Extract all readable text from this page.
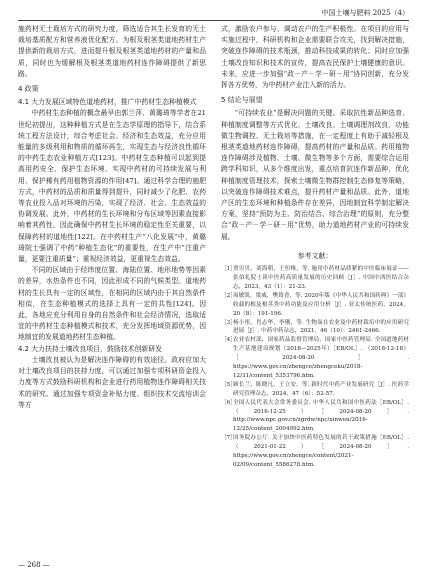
中国土壤与肥料 2025（4）

施药材无土栽培方式的研究力度，筛选适合其生长发育的无土栽培基质配方和营养液优化配方。为根及根茎类道地药材生产提供新的栽培方式，进而提升根及根茎类道地药材的产量和品质，同时也为缓解根及根茎类道地药材连作障碍提供了新思路。

4 政策
4.1 大力发展区域特色道地药材，推广中药材生态种植模式

中药材生态种植的概念最早由郭兰萍、黄璐琦等学者在21世纪初提出，这种种植方式是在生态学原理的指导下，结合系统工程方法设计，综合考虑社会、经济和生态效益，充分应用能量的多级利用和物质的循环再生，实现生态与经济良性循环的中药生态农业种植方式[123]。中药材生态种植可以起到提高用药安全、保护生态环境、实现中药材的可持续发展与利用、保护稀有药用植物资源的作用[47]。通过科学合理的施肥方式，中药材的品质和质量得到提升，同时减少了化肥、农药等农业投入品对环境的污染，实现了经济、社会、生态效益的协调发展。此外，中药材的生长环境和分布区域等因素直接影响着其药性，因此确保中药材生长环境的稳定性至关重要，以保障药材的道地性[122]。在中药材生产“八化发展”中，黄璐琦院士强调了中药“种植生态化”的重要性，在生产中“注重产量，更要注重质量”；重视经济效益，更重视生态效益。

不同的区域由于经纬度位置、海陆位置、地形地势等因素的差异，水热条件也不同，因此形成不同的气候类型。道地药材的生长具有一定的区域性，在相同的区域内由于其自然条件相似，在生态种植模式的选择上具有一定的共性[124]。因此，各地应充分利用自身的自然条件和社会经济情况，选取适宜的中药材生态种植模式和技术，充分发挥地域资源优势，因地制宜的发展道地药材生态种植。

4.2 大力扶持土壤改良项目，鼓励技术创新研发

土壤改良被认为是解决连作障碍的有效途径。政府应加大对土壤改良项目的扶持力度，可以通过加强专项科研资金投入力度等方式鼓励科研机构和企业进行药用植物连作障碍相关技术的研究。通过加强专项资金补贴力度、组织技术交流培训会等方

式，激励农户参与、调动农户的生产积极性。在项目的应用与实施过程中，科研机构和企业需要联合攻关，找到解决措施，突破连作障碍的技术瓶颈，推动科技成果的转化；同时应加强土壤改良知识和技术的宣传，提高农民保护土壤健康的意识。未来，应进一步加强“政－产－学－研－用”协同创新，充分发挥各方优势，为中药材产业注入新的活力。

5 结论与展望

“可持续农业”是解决问题的关键。采取抗性新品种选育、种植制度调整等方式优化、土壤改良、土壤调理剂改良、功能微生物调控、无土栽培等措施，在一定程度上有助于减轻根及根茎类道地药材连作障碍，提高药材的产量和品质。药用植物连作障碍涉及植物、土壤、微生物等多个方面，需要综合运用跨学科知识，从多个维度出发，重点培育抗连作新品种，优化种植制度管理技术，探索土壤微生物群控制生态修复等策略，以突破连作障碍技术难点，提升药材产量和品质。此外，道地产区的生态环境和种植条件存在差异，因地制宜科学制定解决方案，坚持“预防为主、防治结合、综合治理”的原则，充分整合“政－产－学－研－用”优势，助力道地药材产业的可持续发展。

参考文献：
［1］
贾贝贝，刘海朝，王恒椎，等. 施用中药材品质紧的中医临床展证——张伯礼院士谈中医药高质量发展的历史回顾［J］. 中国中西医结合杂志，2023，43（1）：21-23.
［2］
周敏凯，梁威，樊筠香，等. 2020年版《中华人民共和国药典》一部》收载的根及根茎类中药功能及应用分析［J］. 亚太传统医药，2024，20（8）：191-196.
［3］
杨小彤，肖志华，李珊，等. 生物炭在农业及中药材栽培中的应用研究进展［J］. 中药中药杂志，2021，46（10）：2461-2466.
［4］
农业农村部，国家药品监督管理局，国家中医药管理局. 全国道地药材生产基地建设规划（2018—2025年）［EB/OL］. （2018-12-18）［2024-08-20］. https://www.gov.cn/zhengce/zhengceku/2018-12/31/content_5353796.htm.
［5］
顾长兰，陈晓凡，王立安，等. 新时代中药产业发展研究［J］. 医药学研究管理杂志，2024，47（6）：52-57.
［6］
全国人民代表大会常务委员会. 中华人民共和国中医药法［EB/OL］. （2016-12-25）［2024-08-20］. http://www.npc.gov.cn/zgrdw/npc/xinwen/2016-12/25/content_2004992.htm.
［7］
国务院办公厅. 关于加快中医药特色发展的若干政策措施［EB/OL］. （2021-01-22）［2024-08-20］. https://www.gov.cn/zhengce/content/2021-02/09/content_5586278.htm.
— 268 —
